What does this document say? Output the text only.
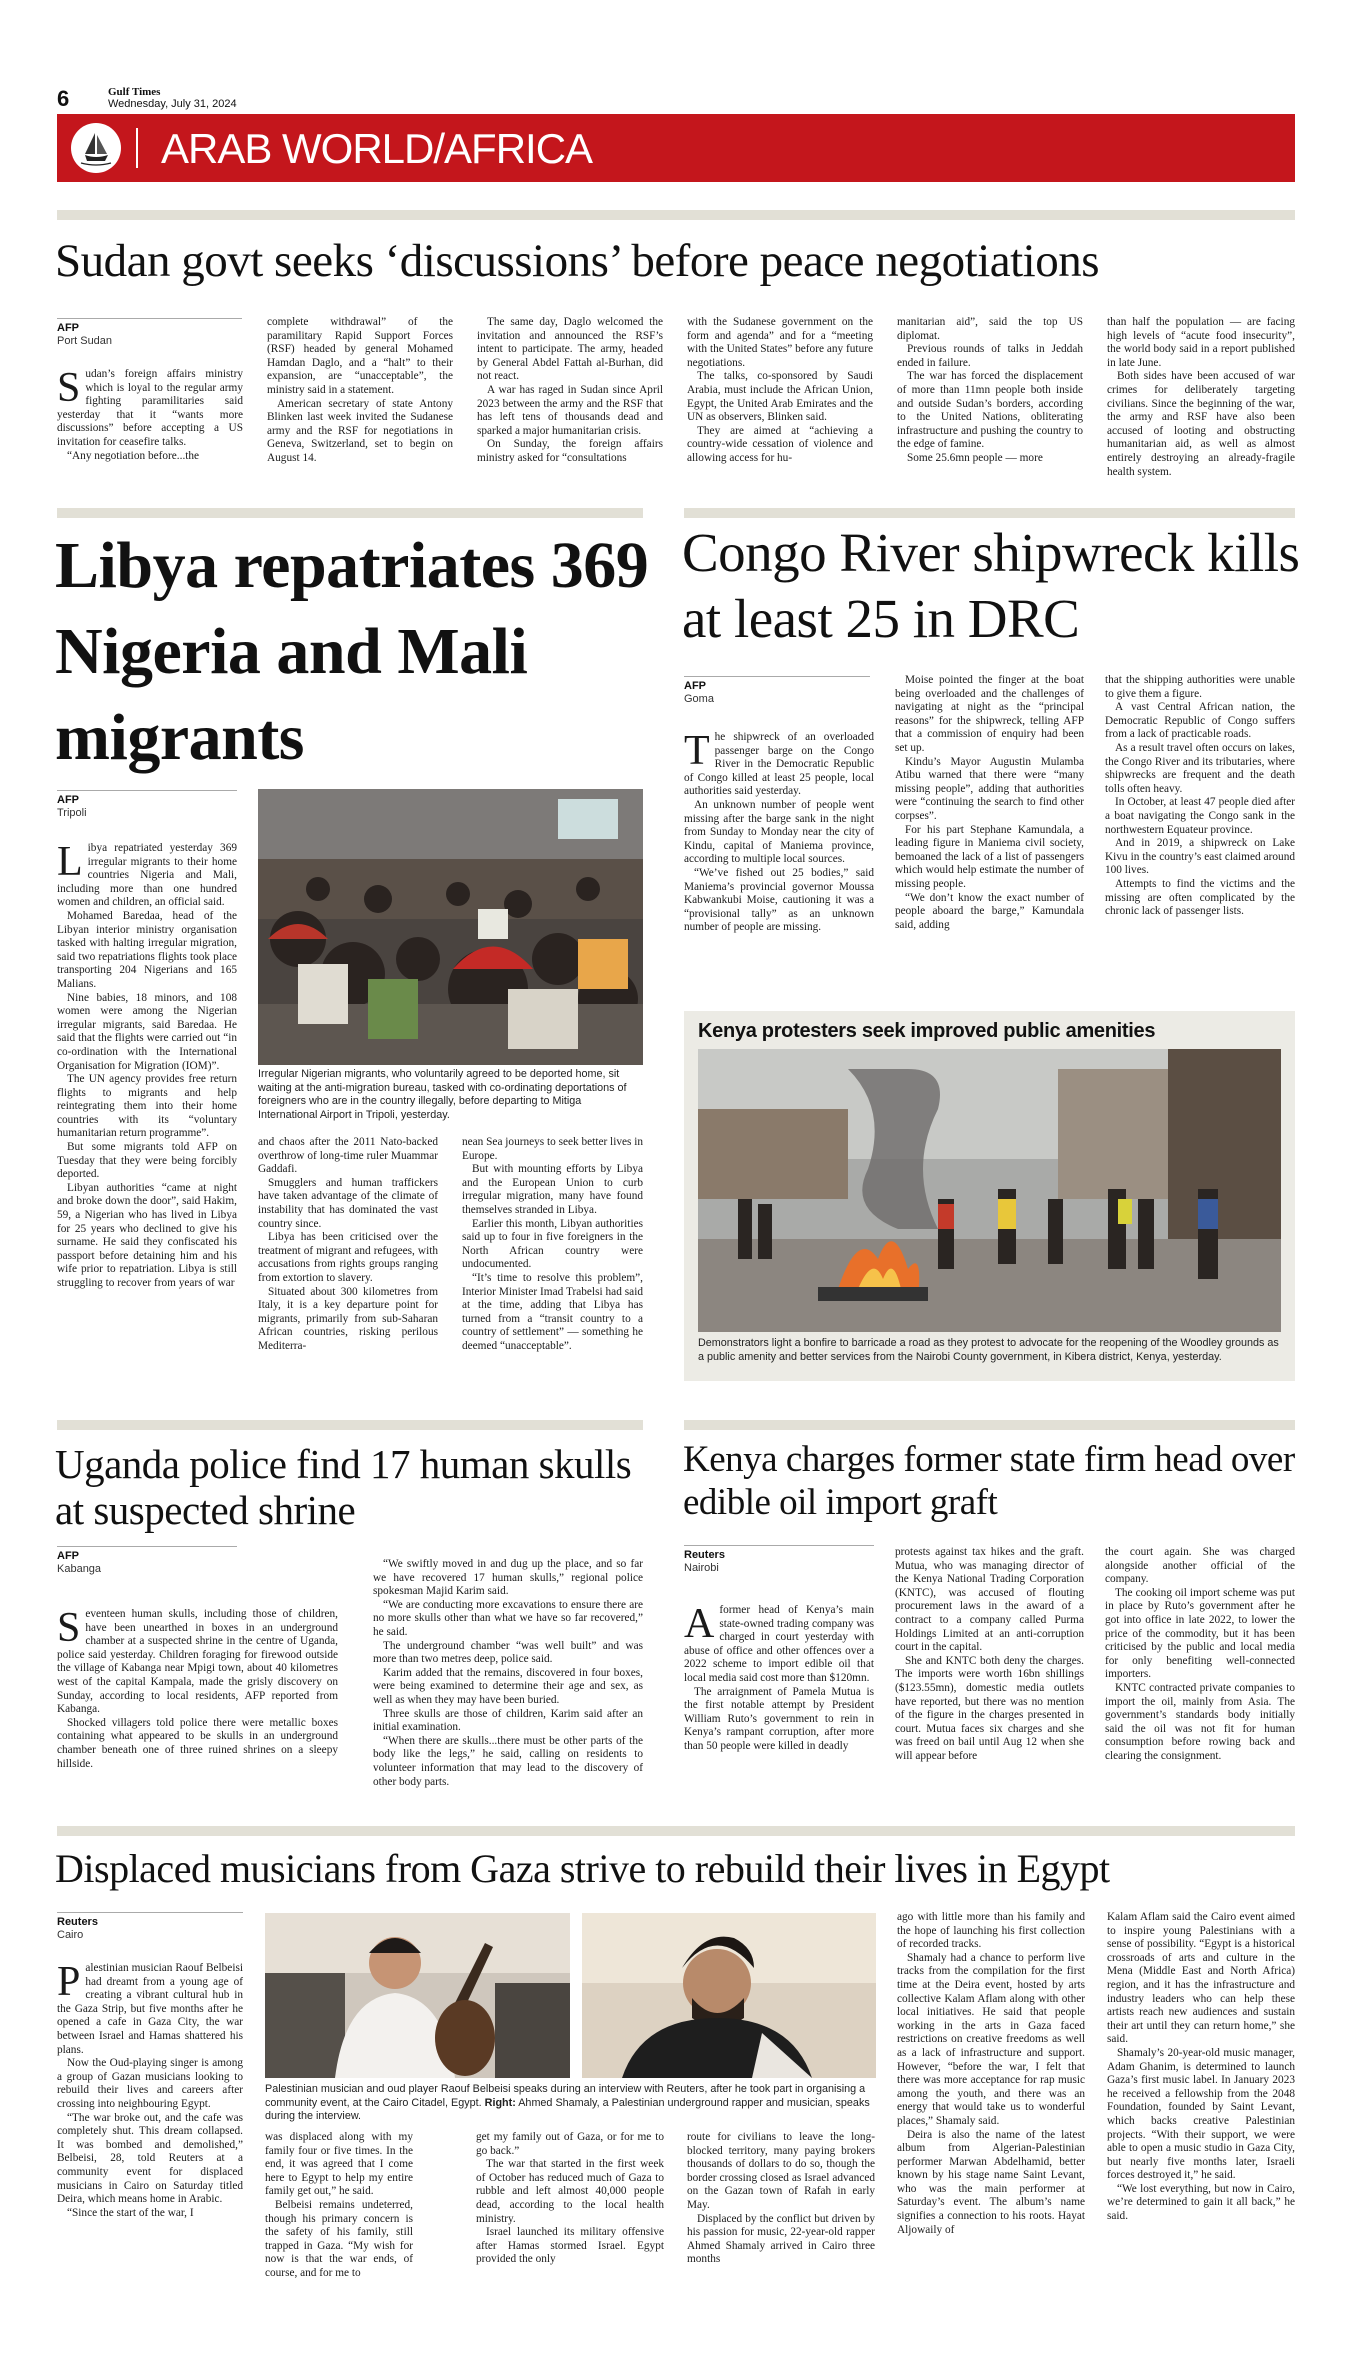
6	Gulf Times
Wednesday, July 31, 2024
ARAB WORLD/AFRICA
Sudan govt seeks ‘discussions’ before peace negotiations
AFP
Port Sudan

Sudan’s foreign affairs ministry which is loyal to the regular army fighting paramilitaries said yesterday that it “wants more discussions” before accepting a US invitation for ceasefire talks.

“Any negotiation before...the

complete withdrawal” of the paramilitary Rapid Support Forces (RSF) headed by general Mohamed Hamdan Daglo, and a “halt” to their expansion, are “unacceptable”, the ministry said in a statement.

American secretary of state Antony Blinken last week invited the Sudanese army and the RSF for negotiations in Geneva, Switzerland, set to begin on August 14.

The same day, Daglo welcomed the invitation and announced the RSF’s intent to participate. The army, headed by General Abdel Fattah al-Burhan, did not react.

A war has raged in Sudan since April 2023 between the army and the RSF that has left tens of thousands dead and sparked a major humanitarian crisis.

On Sunday, the foreign affairs ministry asked for “consultations

with the Sudanese government on the form and agenda” and for a “meeting with the United States” before any future negotiations.

The talks, co-sponsored by Saudi Arabia, must include the African Union, Egypt, the United Arab Emirates and the UN as observers, Blinken said.

They are aimed at “achieving a country-wide cessation of violence and allowing access for hu-

manitarian aid”, said the top US diplomat.

Previous rounds of talks in Jeddah ended in failure.

The war has forced the displacement of more than 11mn people both inside and outside Sudan’s borders, according to the United Nations, obliterating infrastructure and pushing the country to the edge of famine.

Some 25.6mn people — more

than half the population — are facing high levels of “acute food insecurity”, the world body said in a report published in late June.

Both sides have been accused of war crimes for deliberately targeting civilians. Since the beginning of the war, the army and RSF have also been accused of looting and obstructing humanitarian aid, as well as almost entirely destroying an already-fragile health system.

Libya repatriates 369 Nigeria and Mali migrants
AFP
Tripoli
Irregular Nigerian migrants, who voluntarily agreed to be deported home, sit waiting at the anti-migration bureau, tasked with co-ordinating deportations of foreigners who are in the country illegally, before departing to Mitiga International Airport in Tripoli, yesterday.

Libya repatriated yesterday 369 irregular migrants to their home countries Nigeria and Mali, including more than one hundred women and children, an official said.

Mohamed Baredaa, head of the Libyan interior ministry organisation tasked with halting irregular migration, said two repatriations flights took place transporting 204 Nigerians and 165 Malians.

Nine babies, 18 minors, and 108 women were among the Nigerian irregular migrants, said Baredaa. He said that the flights were carried out “in co-ordination with the International Organisation for Migration (IOM)”.

The UN agency provides free return flights to migrants and help reintegrating them into their home countries with its “voluntary humanitarian return programme”.

But some migrants told AFP on Tuesday that they were being forcibly deported.

Libyan authorities “came at night and broke down the door”, said Hakim, 59, a Nigerian who has lived in Libya for 25 years who declined to give his surname. He said they confiscated his passport before detaining him and his wife prior to repatriation. Libya is still struggling to recover from years of war

and chaos after the 2011 Nato-backed overthrow of long-time ruler Muammar Gaddafi.

Smugglers and human traffickers have taken advantage of the climate of instability that has dominated the vast country since.

Libya has been criticised over the treatment of migrant and refugees, with accusations from rights groups ranging from extortion to slavery.

Situated about 300 kilometres from Italy, it is a key departure point for migrants, primarily from sub-Saharan African countries, risking perilous Mediterra-

nean Sea journeys to seek better lives in Europe.

But with mounting efforts by Libya and the European Union to curb irregular migration, many have found themselves stranded in Libya.

Earlier this month, Libyan authorities said up to four in five foreigners in the North African country were undocumented.

“It’s time to resolve this problem”, Interior Minister Imad Trabelsi had said at the time, adding that Libya has turned from a “transit country to a country of settlement” — something he deemed “unacceptable”.

Congo River shipwreck kills at least 25 in DRC
AFP
Goma

The shipwreck of an overloaded passenger barge on the Congo River in the Democratic Republic of Congo killed at least 25 people, local authorities said yesterday.

An unknown number of people went missing after the barge sank in the night from Sunday to Monday near the city of Kindu, capital of Maniema province, according to multiple local sources.

“We’ve fished out 25 bodies,” said Maniema’s provincial governor Moussa Kabwankubi Moise, cautioning it was a “provisional tally” as an unknown number of people are missing.

Moise pointed the finger at the boat being overloaded and the challenges of navigating at night as the “principal reasons” for the shipwreck, telling AFP that a commission of enquiry had been set up.

Kindu’s Mayor Augustin Mulamba Atibu warned that there were “many missing people”, adding that authorities were “continuing the search to find other corpses”.

For his part Stephane Kamundala, a leading figure in Maniema civil society, bemoaned the lack of a list of passengers which would help estimate the number of missing people.

“We don’t know the exact number of people aboard the barge,” Kamundala said, adding

that the shipping authorities were unable to give them a figure.

A vast Central African nation, the Democratic Republic of Congo suffers from a lack of practicable roads.

As a result travel often occurs on lakes, the Congo River and its tributaries, where shipwrecks are frequent and the death tolls often heavy.

In October, at least 47 people died after a boat navigating the Congo sank in the northwestern Equateur province.

And in 2019, a shipwreck on Lake Kivu in the country’s east claimed around 100 lives.

Attempts to find the victims and the missing are often complicated by the chronic lack of passenger lists.

Kenya protesters seek improved public amenities
Demonstrators light a bonfire to barricade a road as they protest to advocate for the reopening of the Woodley grounds as a public amenity and better services from the Nairobi County government, in Kibera district, Kenya, yesterday.
Uganda police find 17 human skulls at suspected shrine
AFP
Kabanga

Seventeen human skulls, including those of children, have been unearthed in boxes in an underground chamber at a suspected shrine in the centre of Uganda, police said yesterday. Children foraging for firewood outside the village of Kabanga near Mpigi town, about 40 kilometres west of the capital Kampala, made the grisly discovery on Sunday, according to local residents, AFP reported from Kabanga.

Shocked villagers told police there were metallic boxes containing what appeared to be skulls in an underground chamber beneath one of three ruined shrines on a sleepy hillside.

“We swiftly moved in and dug up the place, and so far we have recovered 17 human skulls,” regional police spokesman Majid Karim said.

“We are conducting more excavations to ensure there are no more skulls other than what we have so far recovered,” he said.

The underground chamber “was well built” and was more than two metres deep, police said.

Karim added that the remains, discovered in four boxes, were being examined to determine their age and sex, as well as when they may have been buried.

Three skulls are those of children, Karim said after an initial examination.

“When there are skulls...there must be other parts of the body like the legs,” he said, calling on residents to volunteer information that may lead to the discovery of other body parts.

Kenya charges former state firm head over edible oil import graft
Reuters
Nairobi

Aformer head of Kenya’s main state-owned trading company was charged in court yesterday with abuse of office and other offences over a 2022 scheme to import edible oil that local media said cost more than $120mn.

The arraignment of Pamela Mutua is the first notable attempt by President William Ruto’s government to rein in Kenya’s rampant corruption, after more than 50 people were killed in deadly

protests against tax hikes and the graft. Mutua, who was managing director of the Kenya National Trading Corporation (KNTC), was accused of flouting procurement laws in the award of a contract to a company called Purma Holdings Limited at an anti-corruption court in the capital.

She and KNTC both deny the charges. The imports were worth 16bn shillings ($123.55mn), domestic media outlets have reported, but there was no mention of the figure in the charges presented in court. Mutua faces six charges and she was freed on bail until Aug 12 when she will appear before

the court again. She was charged alongside another official of the company.

The cooking oil import scheme was put in place by Ruto’s government after he got into office in late 2022, to lower the price of the commodity, but it has been criticised by the public and local media for only benefiting well-connected importers.

KNTC contracted private companies to import the oil, mainly from Asia. The government’s standards body initially said the oil was not fit for human consumption before rowing back and clearing the consignment.

Displaced musicians from Gaza strive to rebuild their lives in Egypt
Reuters
Cairo
Palestinian musician and oud player Raouf Belbeisi speaks during an interview with Reuters, after he took part in organising a community event, at the Cairo Citadel, Egypt. Right: Ahmed Shamaly, a Palestinian underground rapper and musician, speaks during the interview.

Palestinian musician Raouf Belbeisi had dreamt from a young age of creating a vibrant cultural hub in the Gaza Strip, but five months after he opened a cafe in Gaza City, the war between Israel and Hamas shattered his plans.

Now the Oud-playing singer is among a group of Gazan musicians looking to rebuild their lives and careers after crossing into neighbouring Egypt.

“The war broke out, and the cafe was completely shut. This dream collapsed. It was bombed and demolished,” Belbeisi, 28, told Reuters at a community event for displaced musicians in Cairo on Saturday titled Deira, which means home in Arabic.

“Since the start of the war, I

was displaced along with my family four or five times. In the end, it was agreed that I come here to Egypt to help my entire family get out,” he said.

Belbeisi remains undeterred, though his primary concern is the safety of his family, still trapped in Gaza. “My wish for now is that the war ends, of course, and for me to

get my family out of Gaza, or for me to go back.”

The war that started in the first week of October has reduced much of Gaza to rubble and left almost 40,000 people dead, according to the local health ministry.

Israel launched its military offensive after Hamas stormed Israel. Egypt provided the only

route for civilians to leave the long-blocked territory, many paying brokers thousands of dollars to do so, though the border crossing closed as Israel advanced on the Gazan town of Rafah in early May.

Displaced by the conflict but driven by his passion for music, 22-year-old rapper Ahmed Shamaly arrived in Cairo three months

ago with little more than his family and the hope of launching his first collection of recorded tracks.

Shamaly had a chance to perform live tracks from the compilation for the first time at the Deira event, hosted by arts collective Kalam Aflam along with other local initiatives. He said that people working in the arts in Gaza faced restrictions on creative freedoms as well as a lack of infrastructure and support. However, “before the war, I felt that there was more acceptance for rap music among the youth, and there was an energy that would take us to wonderful places,” Shamaly said.

Deira is also the name of the latest album from Algerian-Palestinian performer Marwan Abdelhamid, better known by his stage name Saint Levant, who was the main performer at Saturday’s event. The album’s name signifies a connection to his roots. Hayat Aljowaily of

Kalam Aflam said the Cairo event aimed to inspire young Palestinians with a sense of possibility. “Egypt is a historical crossroads of arts and culture in the Mena (Middle East and North Africa) region, and it has the infrastructure and industry leaders who can help these artists reach new audiences and sustain their art until they can return home,” she said.

Shamaly’s 20-year-old music manager, Adam Ghanim, is determined to launch Gaza’s first music label. In January 2023 he received a fellowship from the 2048 Foundation, founded by Saint Levant, which backs creative Palestinian projects. “With their support, we were able to open a music studio in Gaza City, but nearly five months later, Israeli forces destroyed it,” he said.

“We lost everything, but now in Cairo, we’re determined to gain it all back,” he said.
